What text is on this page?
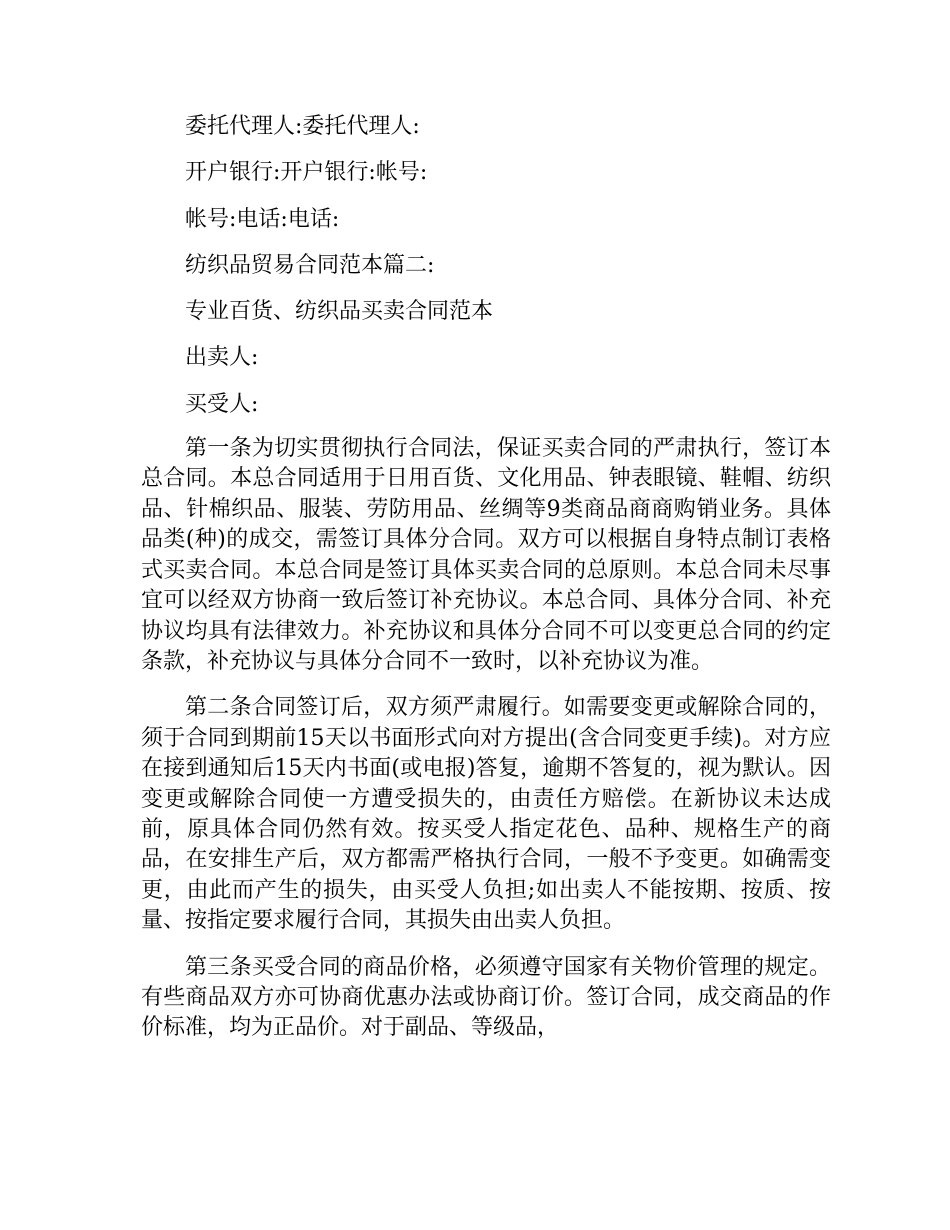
委托代理人:委托代理人:

开户银行:开户银行:帐号:

帐号:电话:电话:

纺织品贸易合同范本篇二:

专业百货、纺织品买卖合同范本

出卖人:

买受人:

第一条为切实贯彻执行合同法，保证买卖合同的严肃执行，签订本总合同。本总合同适用于日用百货、文化用品、钟表眼镜、鞋帽、纺织品、针棉织品、服装、劳防用品、丝绸等9类商品商商购销业务。具体品类(种)的成交，需签订具体分合同。双方可以根据自身特点制订表格式买卖合同。本总合同是签订具体买卖合同的总原则。本总合同未尽事宜可以经双方协商一致后签订补充协议。本总合同、具体分合同、补充协议均具有法律效力。补充协议和具体分合同不可以变更总合同的约定条款，补充协议与具体分合同不一致时，以补充协议为准。

第二条合同签订后，双方须严肃履行。如需要变更或解除合同的，须于合同到期前15天以书面形式向对方提出(含合同变更手续)。对方应在接到通知后15天内书面(或电报)答复，逾期不答复的，视为默认。因变更或解除合同使一方遭受损失的，由责任方赔偿。在新协议未达成前，原具体合同仍然有效。按买受人指定花色、品种、规格生产的商品，在安排生产后，双方都需严格执行合同，一般不予变更。如确需变更，由此而产生的损失，由买受人负担;如出卖人不能按期、按质、按量、按指定要求履行合同，其损失由出卖人负担。

第三条买受合同的商品价格，必须遵守国家有关物价管理的规定。有些商品双方亦可协商优惠办法或协商订价。签订合同，成交商品的作价标准，均为正品价。对于副品、等级品，
